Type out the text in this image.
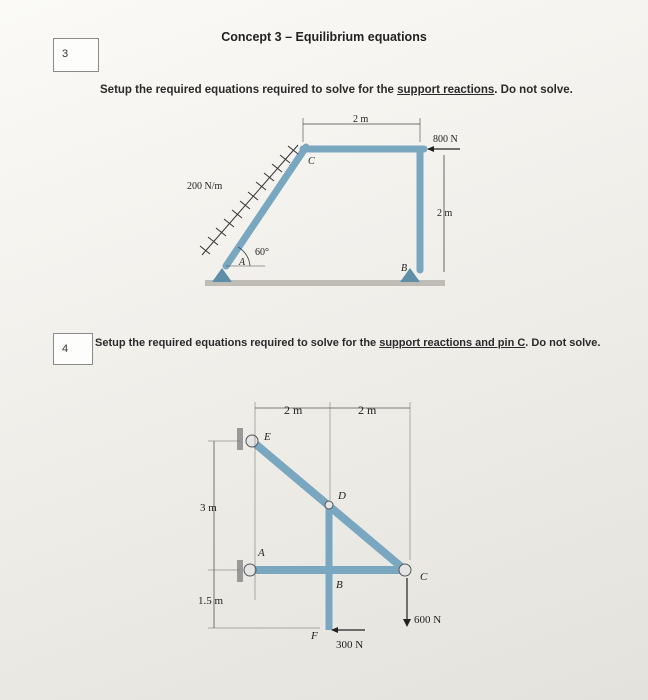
Concept 3 – Equilibrium equations
3
Setup the required equations required to solve for the support reactions. Do not solve.
4 Setup the required equations required to solve for the support reactions and pin C. Do not solve.
2 m
800 N
200 N/m
2 m
60°
A
B
C
2 m	2 m
3 m
1.5 m
E
D
A
B
C
F
600 N
300 N
